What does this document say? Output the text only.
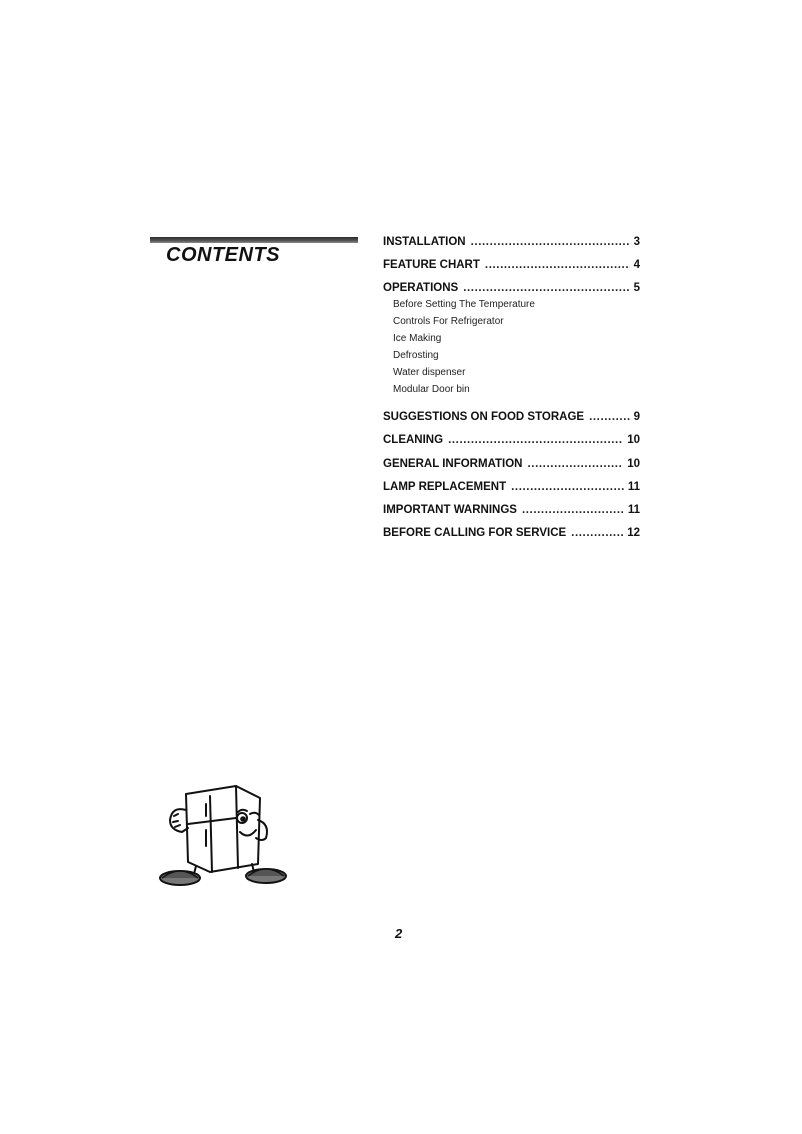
CONTENTS
INSTALLATION .....	3
FEATURE CHART .....	4
OPERATIONS .....	5
Before Setting The Temperature
Controls For Refrigerator
Ice Making
Defrosting
Water dispenser
Modular Door bin
SUGGESTIONS ON FOOD STORAGE .....	9
CLEANING .....	10
GENERAL INFORMATION .....	10
LAMP REPLACEMENT .....	11
IMPORTANT WARNINGS .....	11
BEFORE CALLING FOR SERVICE .....	12
2
